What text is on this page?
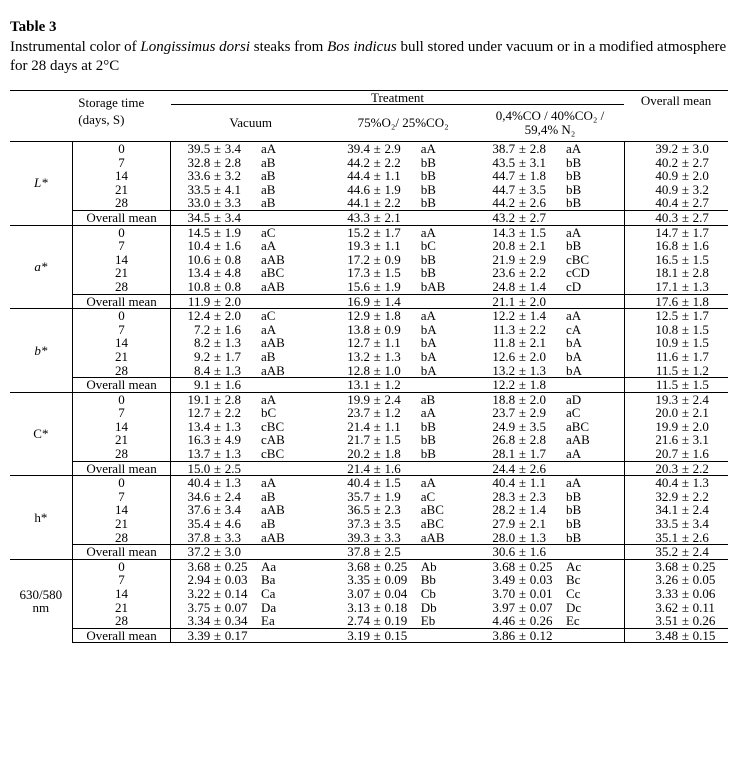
Table 3
Instrumental color of Longissimus dorsi steaks from Bos indicus bull stored under vacuum or in a modified atmosphere for 28 days at 2°C
		Treatment														

	Storage time
(days, S)	Vacuum				75%O₂/ 25%CO₂				0,4%CO / 40%CO₂ /
59,4% N₂				Overall mean		

L*	0	39.5	±	3.4	aA	39.4	±	2.9	aA	38.7	±	2.8	aA	39.2	±	3.0
	7	32.8	±	2.8	aB	44.2	±	2.2	bB	43.5	±	3.1	bB	40.2	±	2.7
	14	33.6	±	3.2	aB	44.4	±	1.1	bB	44.7	±	1.8	bB	40.9	±	2.0
	21	33.5	±	4.1	aB	44.6	±	1.9	bB	44.7	±	3.5	bB	40.9	±	3.2
	28	33.0	±	3.3	aB	44.1	±	2.2	bB	44.2	±	2.6	bB	40.4	±	2.7
	Overall mean	34.5	±	3.4		43.3	±	2.1		43.2	±	2.7		40.3	±	2.7
a*	0	14.5	±	1.9	aC	15.2	±	1.7	aA	14.3	±	1.5	aA	14.7	±	1.7
	7	10.4	±	1.6	aA	19.3	±	1.1	bC	20.8	±	2.1	bB	16.8	±	1.6
	14	10.6	±	0.8	aAB	17.2	±	0.9	bB	21.9	±	2.9	cBC	16.5	±	1.5
	21	13.4	±	4.8	aBC	17.3	±	1.5	bB	23.6	±	2.2	cCD	18.1	±	2.8
	28	10.8	±	0.8	aAB	15.6	±	1.9	bAB	24.8	±	1.4	cD	17.1	±	1.3
	Overall mean	11.9	±	2.0		16.9	±	1.4		21.1	±	2.0		17.6	±	1.8
b*	0	12.4	±	2.0	aC	12.9	±	1.8	aA	12.2	±	1.4	aA	12.5	±	1.7
	7	7.2	±	1.6	aA	13.8	±	0.9	bA	11.3	±	2.2	cA	10.8	±	1.5
	14	8.2	±	1.3	aAB	12.7	±	1.1	bA	11.8	±	2.1	bA	10.9	±	1.5
	21	9.2	±	1.7	aB	13.2	±	1.3	bA	12.6	±	2.0	bA	11.6	±	1.7
	28	8.4	±	1.3	aAB	12.8	±	1.0	bA	13.2	±	1.3	bA	11.5	±	1.2
	Overall mean	9.1	±	1.6		13.1	±	1.2		12.2	±	1.8		11.5	±	1.5
C*	0	19.1	±	2.8	aA	19.9	±	2.4	aB	18.8	±	2.0	aD	19.3	±	2.4
	7	12.7	±	2.2	bC	23.7	±	1.2	aA	23.7	±	2.9	aC	20.0	±	2.1
	14	13.4	±	1.3	cBC	21.4	±	1.1	bB	24.9	±	3.5	aBC	19.9	±	2.0
	21	16.3	±	4.9	cAB	21.7	±	1.5	bB	26.8	±	2.8	aAB	21.6	±	3.1
	28	13.7	±	1.3	cBC	20.2	±	1.8	bB	28.1	±	1.7	aA	20.7	±	1.6
	Overall mean	15.0	±	2.5		21.4	±	1.6		24.4	±	2.6		20.3	±	2.2
h*	0	40.4	±	1.3	aA	40.4	±	1.5	aA	40.4	±	1.1	aA	40.4	±	1.3
	7	34.6	±	2.4	aB	35.7	±	1.9	aC	28.3	±	2.3	bB	32.9	±	2.2
	14	37.6	±	3.4	aAB	36.5	±	2.3	aBC	28.2	±	1.4	bB	34.1	±	2.4
	21	35.4	±	4.6	aB	37.3	±	3.5	aBC	27.9	±	2.1	bB	33.5	±	3.4
	28	37.8	±	3.3	aAB	39.3	±	3.3	aAB	28.0	±	1.3	bB	35.1	±	2.6
	Overall mean	37.2	±	3.0		37.8	±	2.5		30.6	±	1.6		35.2	±	2.4
630/580
nm	0	3.68	±	0.25	Aa	3.68	±	0.25	Ab	3.68	±	0.25	Ac	3.68	±	0.25
	7	2.94	±	0.03	Ba	3.35	±	0.09	Bb	3.49	±	0.03	Bc	3.26	±	0.05
	14	3.22	±	0.14	Ca	3.07	±	0.04	Cb	3.70	±	0.01	Cc	3.33	±	0.06
	21	3.75	±	0.07	Da	3.13	±	0.18	Db	3.97	±	0.07	Dc	3.62	±	0.11
	28	3.34	±	0.34	Ea	2.74	±	0.19	Eb	4.46	±	0.26	Ec	3.51	±	0.26
	Overall mean	3.39	±	0.17		3.19	±	0.15		3.86	±	0.12		3.48	±	0.15
